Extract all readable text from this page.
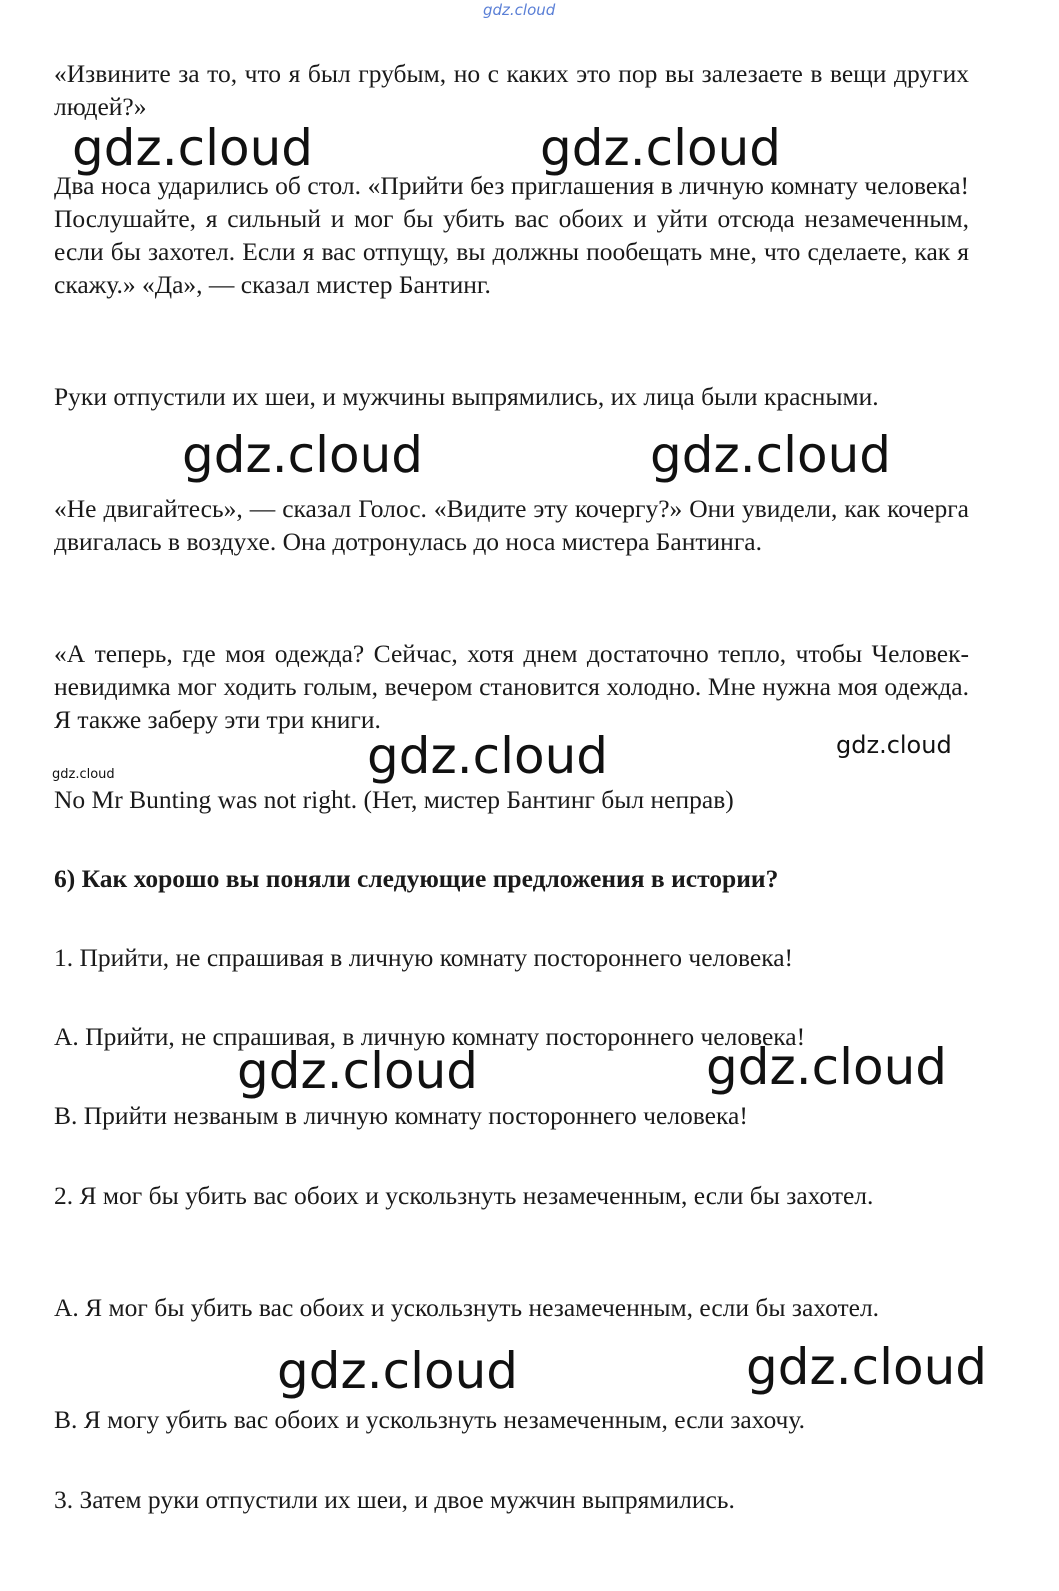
gdz.cloud

«Извините за то, что я был грубым, но с каких это пор вы залезаете в вещи других людей?»

Два носа ударились об стол. «Прийти без приглашения в личную комнату человека! Послушайте, я сильный и мог бы убить вас обоих и уйти отсюда незамеченным, если бы захотел. Если я вас отпущу, вы должны пообещать мне, что сделаете, как я скажу.» «Да», — сказал мистер Бантинг.

Руки отпустили их шеи, и мужчины выпрямились, их лица были красными.

«Не двигайтесь», — сказал Голос. «Видите эту кочергу?» Они увидели, как кочерга двигалась в воздухе. Она дотронулась до носа мистера Бантинга.

«А теперь, где моя одежда? Сейчас, хотя днем достаточно тепло, чтобы Человек-невидимка мог ходить голым, вечером становится холодно. Мне нужна моя одежда. Я также заберу эти три книги.

No Mr Bunting was not right. (Нет, мистер Бантинг был неправ)

6) Как хорошо вы поняли следующие предложения в истории?

1. Прийти, не спрашивая в личную комнату постороннего человека!

А. Прийти, не спрашивая, в личную комнату постороннего человека!

В. Прийти незваным в личную комнату постороннего человека!

2. Я мог бы убить вас обоих и ускользнуть незамеченным, если бы захотел.

А. Я мог бы убить вас обоих и ускользнуть незамеченным, если бы захотел.

В. Я могу убить вас обоих и ускользнуть незамеченным, если захочу.

3. Затем руки отпустили их шеи, и двое мужчин выпрямились.

gdz.cloud	gdz.cloud
gdz.cloud	gdz.cloud
gdz.cloud	gdz.cloud
gdz.cloud
gdz.cloud	gdz.cloud
gdz.cloud	gdz.cloud
